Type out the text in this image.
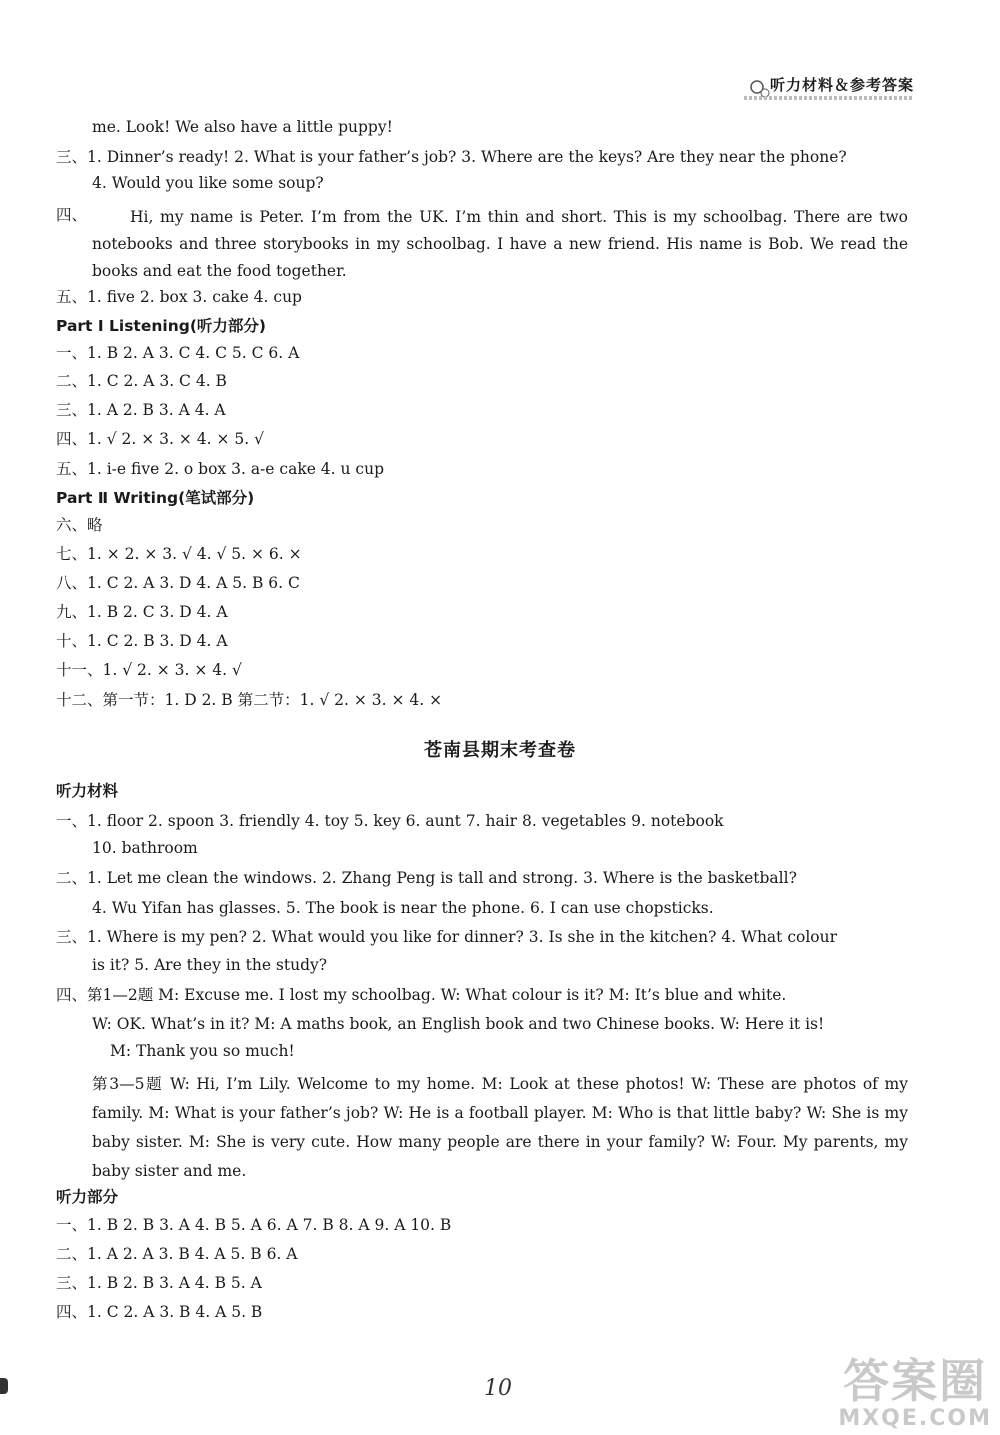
听力材料＆参考答案
me. Look! We also have a little puppy!
三、1. Dinner’s ready! 2. What is your father’s job? 3. Where are the keys? Are they near the phone?
4. Would you like some soup?
四、	Hi, my name is Peter. I’m from the UK. I’m thin and short. This is my schoolbag. There are two notebooks and three storybooks in my schoolbag. I have a new friend. His name is Bob. We read the books and eat the food together.
五、1. five 2. box 3. cake 4. cup
Part Ⅰ Listening(听力部分)
一、1. B 2. A 3. C 4. C 5. C 6. A
二、1. C 2. A 3. C 4. B
三、1. A 2. B 3. A 4. A
四、1. √ 2. × 3. × 4. × 5. √
五、1. i-e five 2. o box 3. a-e cake 4. u cup
Part Ⅱ Writing(笔试部分)
六、略
七、1. × 2. × 3. √ 4. √ 5. × 6. ×
八、1. C 2. A 3. D 4. A 5. B 6. C
九、1. B 2. C 3. D 4. A
十、1. C 2. B 3. D 4. A
十一、1. √ 2. × 3. × 4. √
十二、第一节：1. D 2. B 第二节：1. √ 2. × 3. × 4. ×
苍南县期末考查卷
听力材料
一、1. floor 2. spoon 3. friendly 4. toy 5. key 6. aunt 7. hair 8. vegetables 9. notebook
10. bathroom
二、1. Let me clean the windows. 2. Zhang Peng is tall and strong. 3. Where is the basketball?
4. Wu Yifan has glasses. 5. The book is near the phone. 6. I can use chopsticks.
三、1. Where is my pen? 2. What would you like for dinner? 3. Is she in the kitchen? 4. What colour
is it? 5. Are they in the study?
四、第1—2题 M: Excuse me. I lost my schoolbag. W: What colour is it? M: It’s blue and white.
W: OK. What’s in it? M: A maths book, an English book and two Chinese books. W: Here it is!
M: Thank you so much!
第3—5题 W: Hi, I’m Lily. Welcome to my home. M: Look at these photos! W: These are photos of my family. M: What is your father’s job? W: He is a football player. M: Who is that little baby? W: She is my baby sister. M: She is very cute. How many people are there in your family? W: Four. My parents, my baby sister and me.
听力部分
一、1. B 2. B 3. A 4. B 5. A 6. A 7. B 8. A 9. A 10. B
二、1. A 2. A 3. B 4. A 5. B 6. A
三、1. B 2. B 3. A 4. B 5. A
四、1. C 2. A 3. B 4. A 5. B
10	答案圈
MXQE.COM
